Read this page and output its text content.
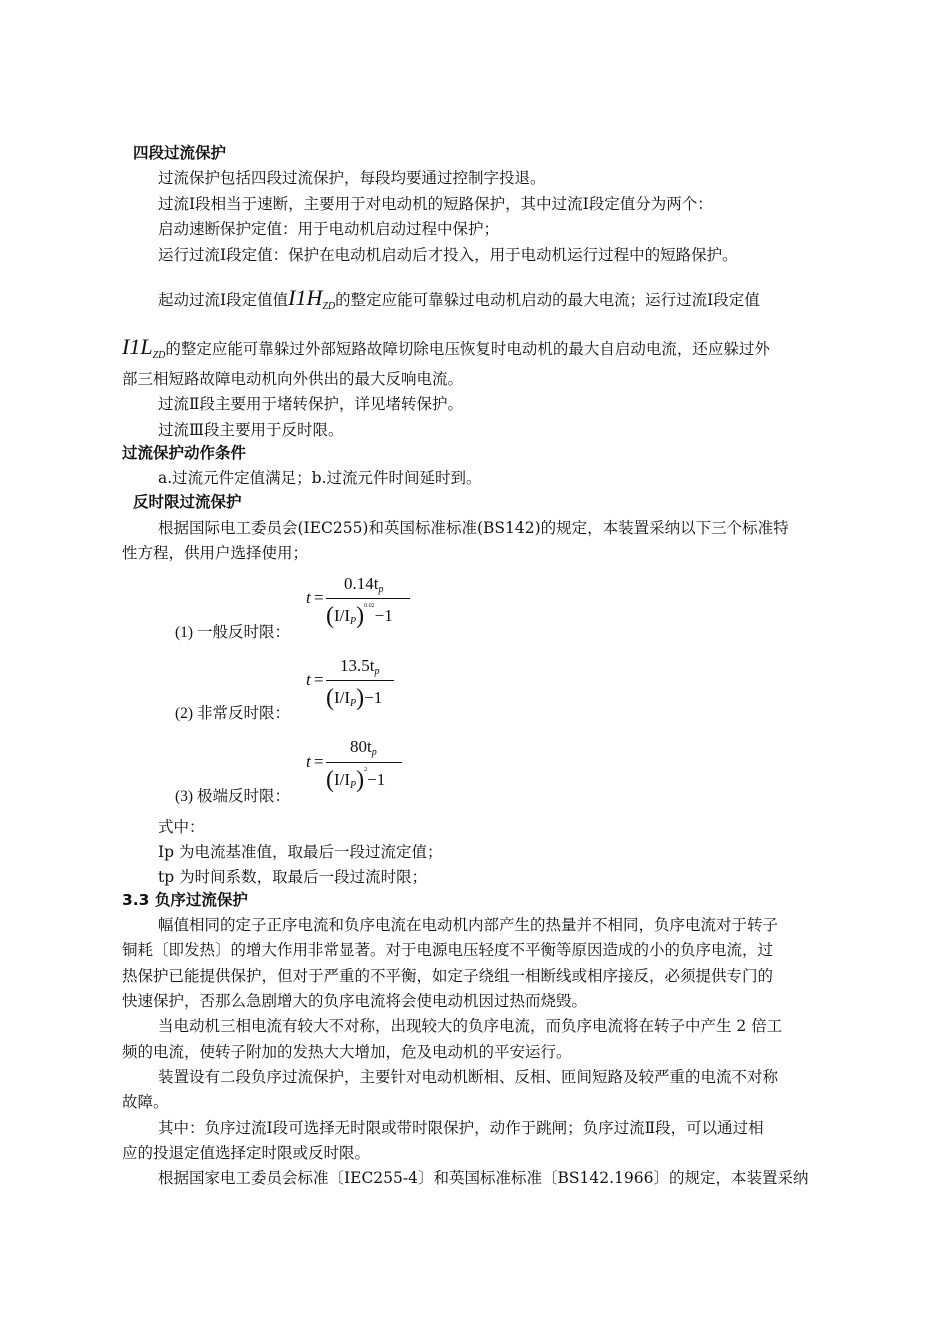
四段过流保护
过流保护包括四段过流保护，每段均要通过控制字投退。
过流Ⅰ段相当于速断，主要用于对电动机的短路保护，其中过流Ⅰ段定值分为两个：
启动速断保护定值：用于电动机启动过程中保护；
运行过流Ⅰ段定值：保护在电动机启动后才投入，用于电动机运行过程中的短路保护。
起动过流Ⅰ段定值值$I1H_{ZD}$的整定应能可靠躲过电动机启动的最大电流；运行过流Ⅰ段定值
$I1L_{ZD}$的整定应能可靠躲过外部短路故障切除电压恢复时电动机的最大自启动电流，还应躲过外
部三相短路故障电动机向外供出的最大反响电流。
过流Ⅱ段主要用于堵转保护，详见堵转保护。
过流Ⅲ段主要用于反时限。
过流保护动作条件
a.过流元件定值满足；b.过流元件时间延时到。
反时限过流保护
根据国际电工委员会(IEC255)和英国标准标准(BS142)的规定，本装置采纳以下三个标准特
性方程，供用户选择使用；
t =
0.14tp
$(I/IP)^{0.02}-1$
(1) 一般反时限：
t =
13.5tp
(I/IP)−1
(2) 非常反时限：
t =
80tp
$(I/IP)^2-1$
(3) 极端反时限：
式中：
Ip 为电流基准值，取最后一段过流定值；
tp 为时间系数，取最后一段过流时限；
3.3 负序过流保护
幅值相同的定子正序电流和负序电流在电动机内部产生的热量并不相同，负序电流对于转子
铜耗〔即发热〕的增大作用非常显著。对于电源电压轻度不平衡等原因造成的小的负序电流，过
热保护已能提供保护，但对于严重的不平衡，如定子绕组一相断线或相序接反，必须提供专门的
快速保护，否那么急剧增大的负序电流将会使电动机因过热而烧毁。
当电动机三相电流有较大不对称，出现较大的负序电流，而负序电流将在转子中产生 2 倍工
频的电流，使转子附加的发热大大增加，危及电动机的平安运行。
装置设有二段负序过流保护，主要针对电动机断相、反相、匝间短路及较严重的电流不对称
故障。
其中：负序过流Ⅰ段可选择无时限或带时限保护，动作于跳闸；负序过流Ⅱ段，可以通过相
应的投退定值选择定时限或反时限。
根据国家电工委员会标准〔IEC255-4〕和英国标准标准〔BS142.1966〕的规定，本装置采纳
